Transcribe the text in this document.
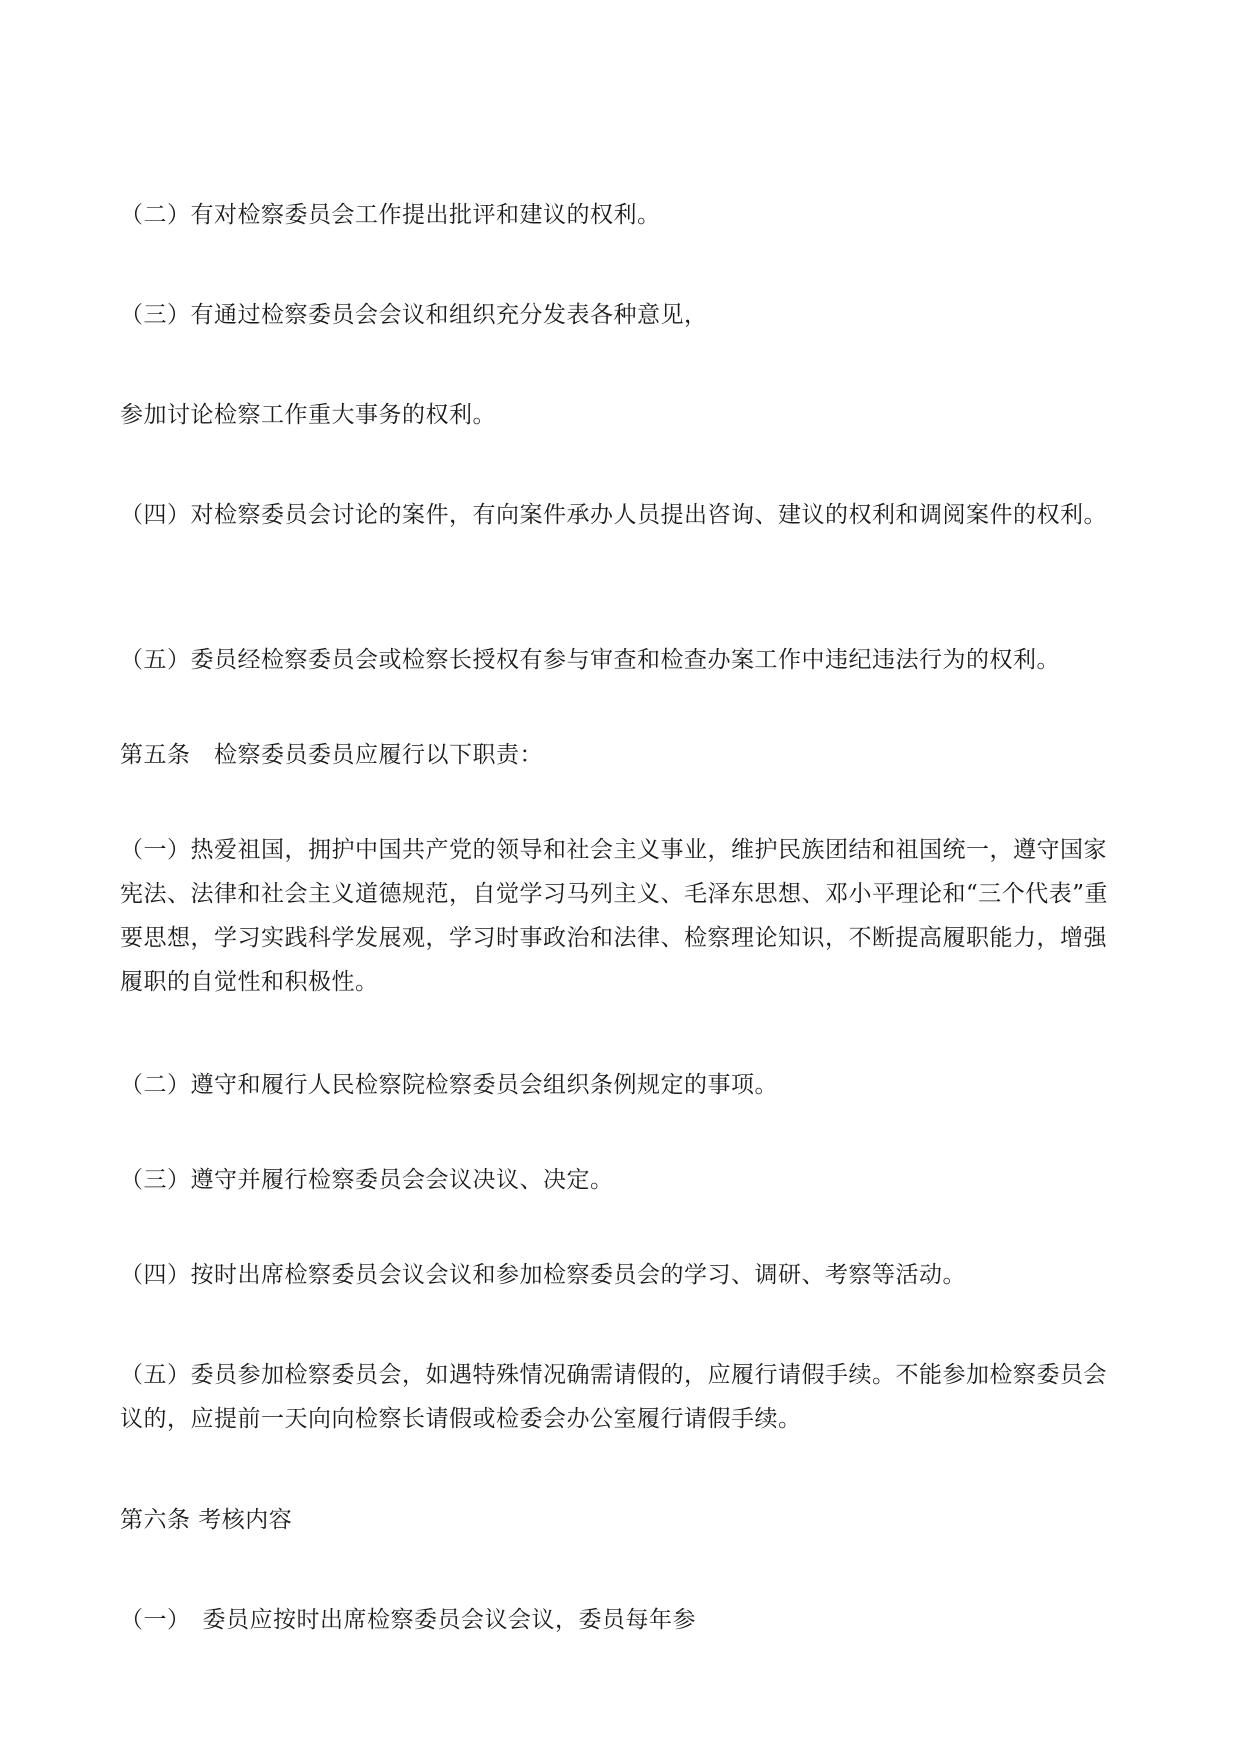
（二）有对检察委员会工作提出批评和建议的权利。

（三）有通过检察委员会会议和组织充分发表各种意见，

参加讨论检察工作重大事务的权利。

（四）对检察委员会讨论的案件，有向案件承办人员提出咨询、建议的权利和调阅案件的权利。

（五）委员经检察委员会或检察长授权有参与审查和检查办案工作中违纪违法行为的权利。

第五条　检察委员委员应履行以下职责：

（一）热爱祖国，拥护中国共产党的领导和社会主义事业，维护民族团结和祖国统一，遵守国家宪法、法律和社会主义道德规范，自觉学习马列主义、毛泽东思想、邓小平理论和“三个代表”重要思想，学习实践科学发展观，学习时事政治和法律、检察理论知识，不断提高履职能力，增强履职的自觉性和积极性。

（二）遵守和履行人民检察院检察委员会组织条例规定的事项。

（三）遵守并履行检察委员会会议决议、决定。

（四）按时出席检察委员会议会议和参加检察委员会的学习、调研、考察等活动。

（五）委员参加检察委员会，如遇特殊情况确需请假的，应履行请假手续。不能参加检察委员会议的，应提前一天向向检察长请假或检委会办公室履行请假手续。

第六条 考核内容

（一）　委员应按时出席检察委员会议会议，委员每年参
